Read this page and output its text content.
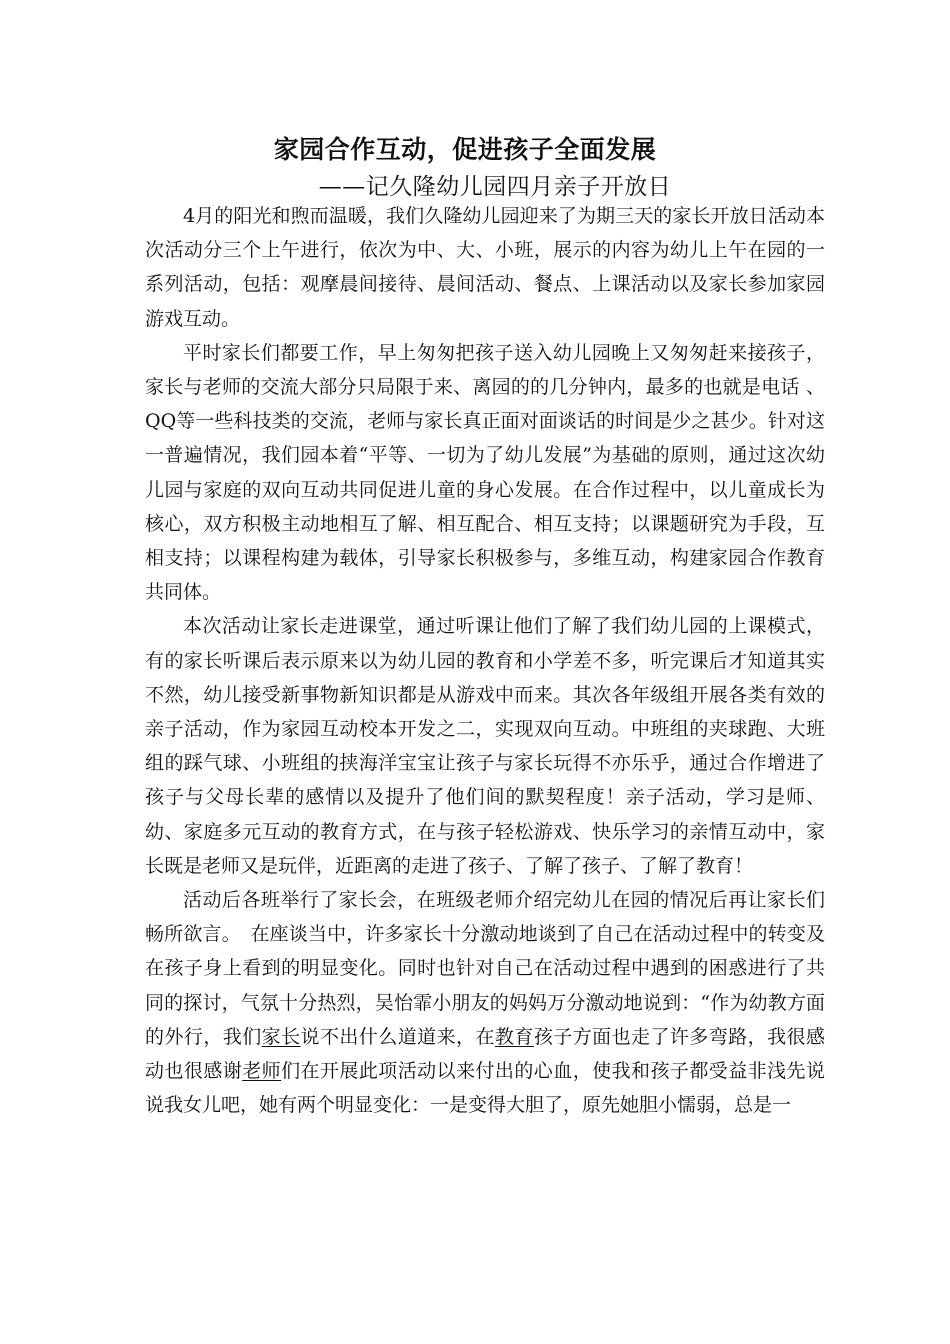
家园合作互动，促进孩子全面发展
——记久隆幼儿园四月亲子开放日

4月的阳光和煦而温暖，我们久隆幼儿园迎来了为期三天的家长开放日活动本次活动分三个上午进行，依次为中、大、小班，展示的内容为幼儿上午在园的一系列活动，包括：观摩晨间接待、晨间活动、餐点、上课活动以及家长参加家园游戏互动。

平时家长们都要工作，早上匆匆把孩子送入幼儿园晚上又匆匆赶来接孩子，家长与老师的交流大部分只局限于来、离园的的几分钟内，最多的也就是电话 、QQ等一些科技类的交流，老师与家长真正面对面谈话的时间是少之甚少。针对这一普遍情况，我们园本着“平等、一切为了幼儿发展”为基础的原则，通过这次幼儿园与家庭的双向互动共同促进儿童的身心发展。在合作过程中，以儿童成长为核心，双方积极主动地相互了解、相互配合、相互支持；以课题研究为手段，互相支持；以课程构建为载体，引导家长积极参与，多维互动，构建家园合作教育共同体。

本次活动让家长走进课堂，通过听课让他们了解了我们幼儿园的上课模式，有的家长听课后表示原来以为幼儿园的教育和小学差不多，听完课后才知道其实不然，幼儿接受新事物新知识都是从游戏中而来。其次各年级组开展各类有效的亲子活动，作为家园互动校本开发之二，实现双向互动。中班组的夹球跑、大班组的踩气球、小班组的挟海洋宝宝让孩子与家长玩得不亦乐乎，通过合作增进了孩子与父母长辈的感情以及提升了他们间的默契程度！亲子活动，学习是师、幼、家庭多元互动的教育方式，在与孩子轻松游戏、快乐学习的亲情互动中，家长既是老师又是玩伴，近距离的走进了孩子、了解了孩子、了解了教育！

活动后各班举行了家长会，在班级老师介绍完幼儿在园的情况后再让家长们畅所欲言。　在座谈当中，许多家长十分激动地谈到了自己在活动过程中的转变及在孩子身上看到的明显变化。同时也针对自己在活动过程中遇到的困惑进行了共同的探讨，气氛十分热烈，吴怡霏小朋友的妈妈万分激动地说到：“作为幼教方面的外行，我们家长说不出什么道道来，在教育孩子方面也走了许多弯路，我很感动也很感谢老师们在开展此项活动以来付出的心血，使我和孩子都受益非浅先说说我女儿吧，她有两个明显变化：一是变得大胆了，原先她胆小懦弱，总是一
